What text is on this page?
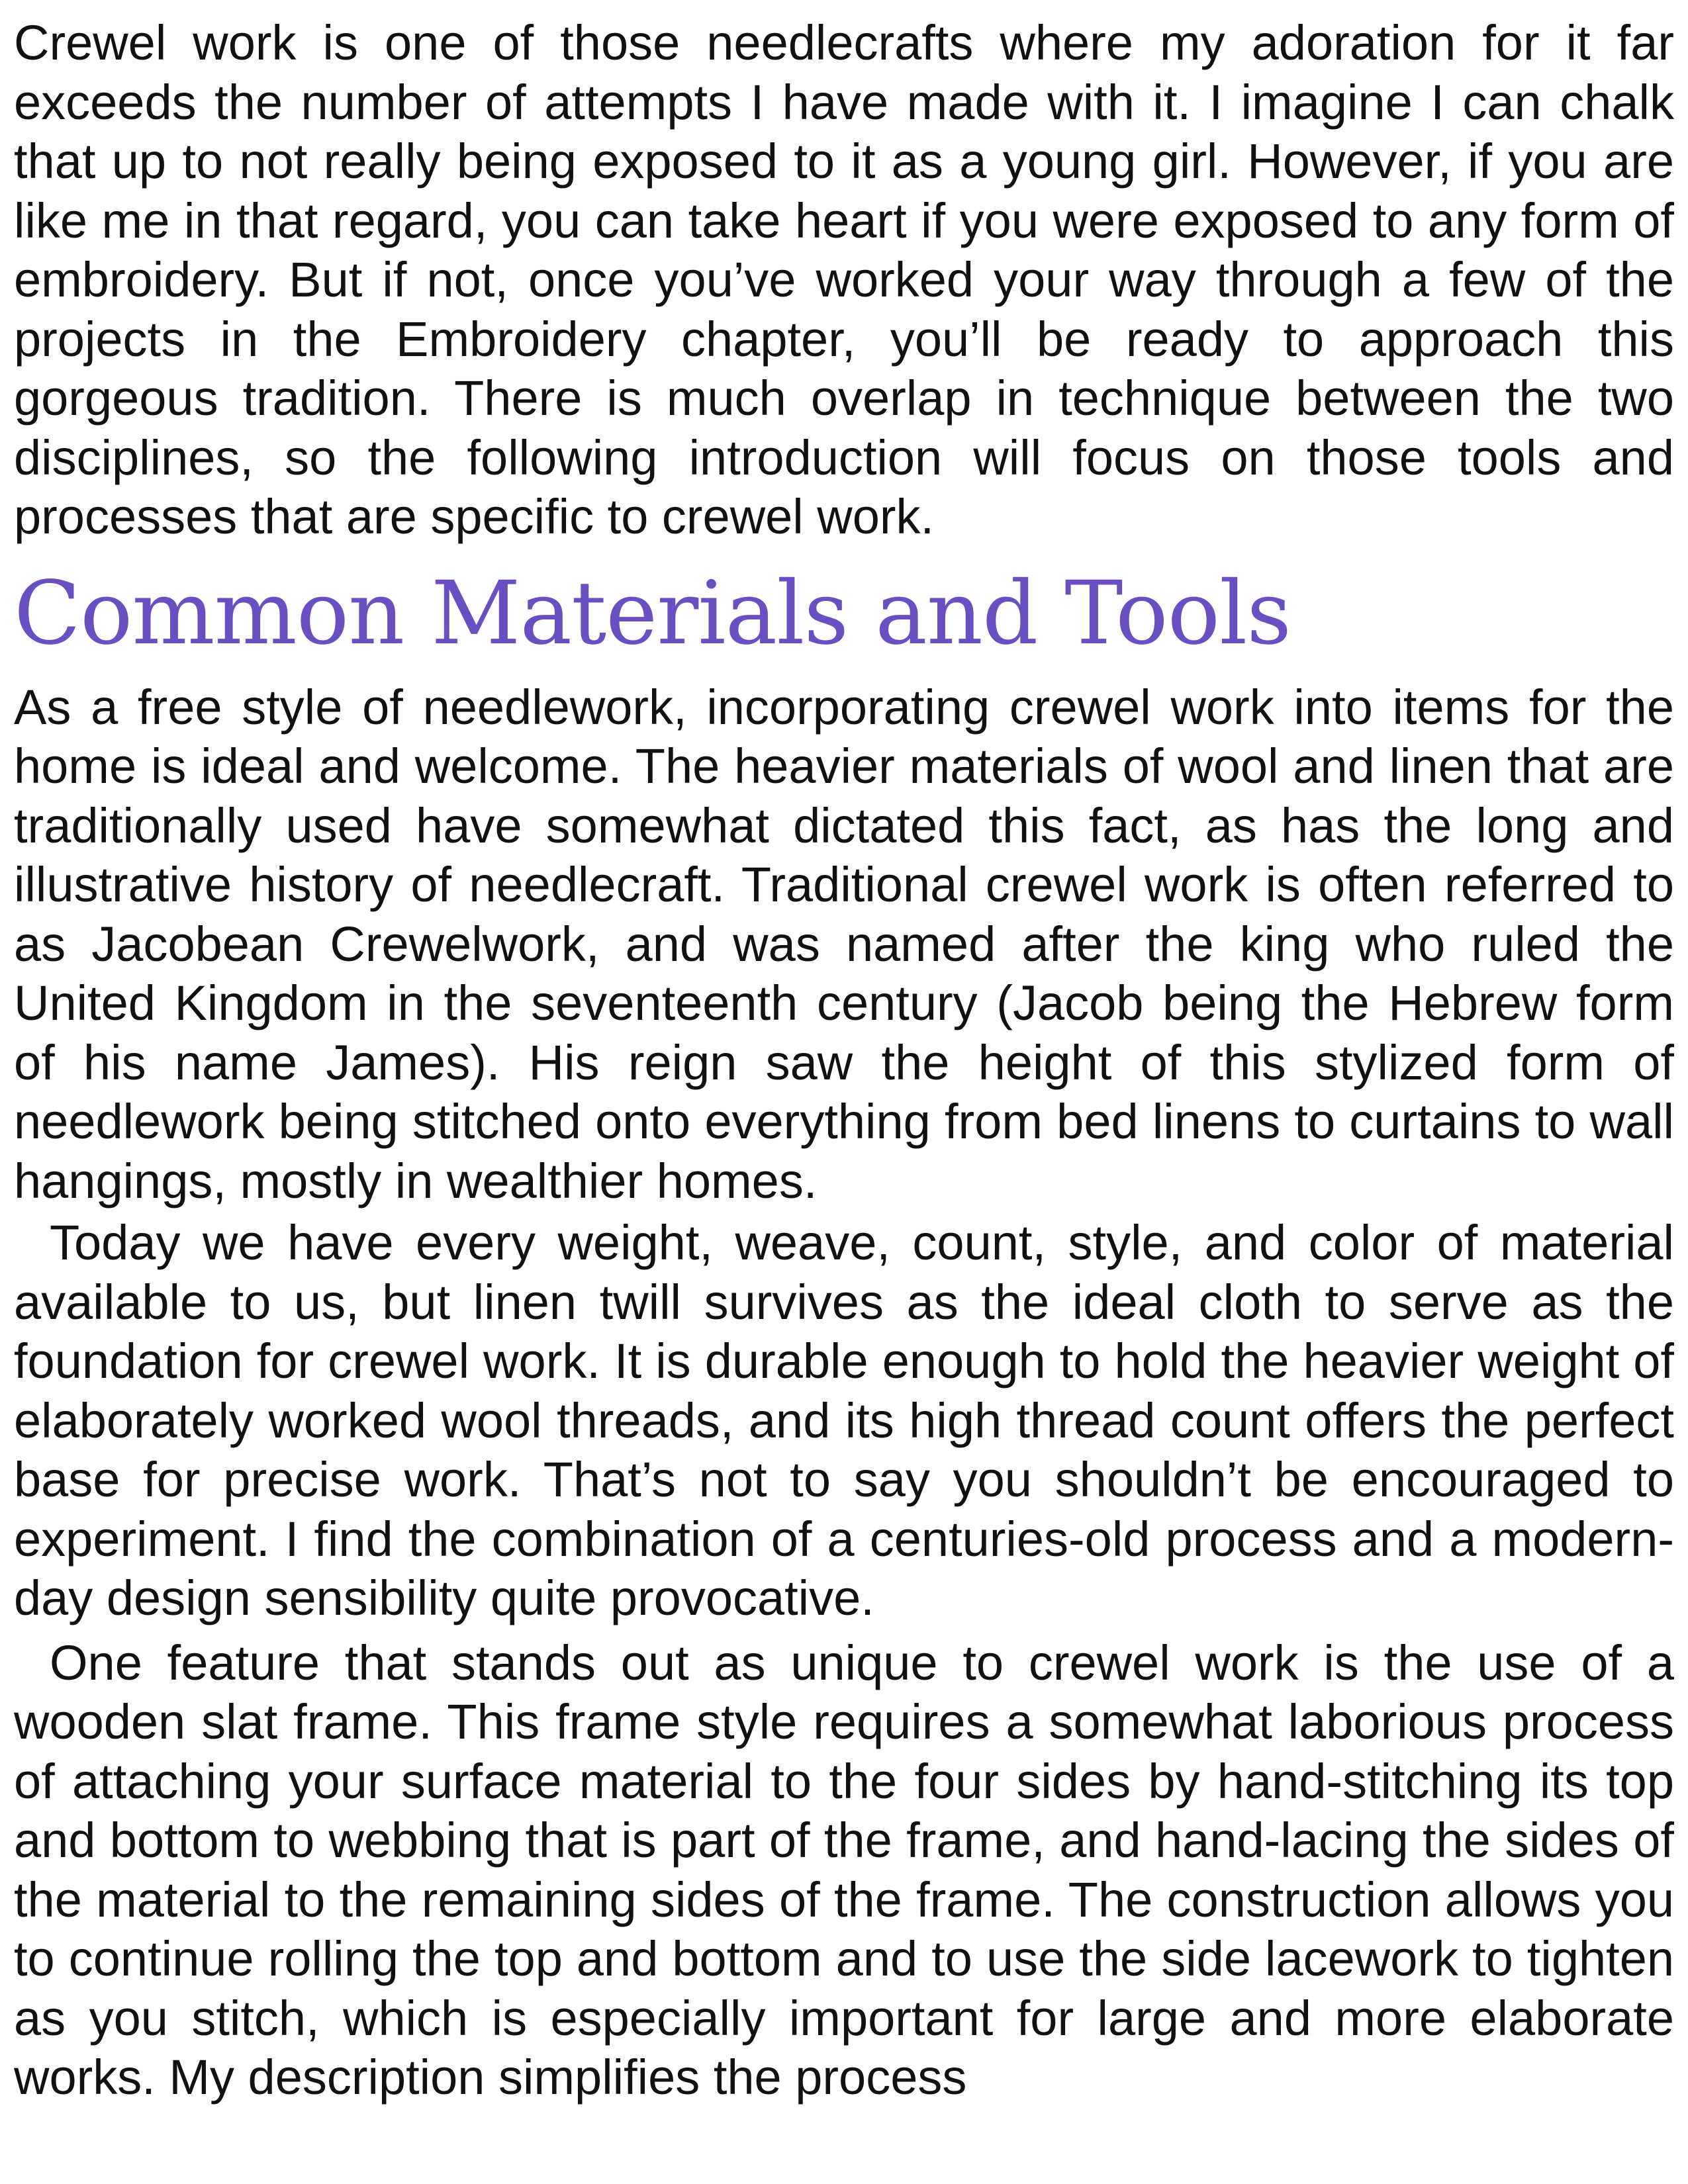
Crewel work is one of those needlecrafts where my adoration for it far exceeds the number of attempts I have made with it. I imagine I can chalk that up to not really being exposed to it as a young girl. However, if you are like me in that regard, you can take heart if you were exposed to any form of embroidery. But if not, once you’ve worked your way through a few of the projects in the Embroidery chapter, you’ll be ready to approach this gorgeous tradition. There is much overlap in technique between the two disciplines, so the following introduction will focus on those tools and processes that are specific to crewel work.

Common Materials and Tools

As a free style of needlework, incorporating crewel work into items for the home is ideal and welcome. The heavier materials of wool and linen that are traditionally used have somewhat dictated this fact, as has the long and illustrative history of needlecraft. Traditional crewel work is often referred to as Jacobean Crewelwork, and was named after the king who ruled the United Kingdom in the seventeenth century (Jacob being the Hebrew form of his name James). His reign saw the height of this stylized form of needlework being stitched onto everything from bed linens to curtains to wall hangings, mostly in wealthier homes.

Today we have every weight, weave, count, style, and color of material available to us, but linen twill survives as the ideal cloth to serve as the foundation for crewel work. It is durable enough to hold the heavier weight of elaborately worked wool threads, and its high thread count offers the perfect base for precise work. That’s not to say you shouldn’t be encouraged to experiment. I find the combination of a centuries-old process and a modern-day design sensibility quite provocative.

One feature that stands out as unique to crewel work is the use of a wooden slat frame. This frame style requires a somewhat laborious process of attaching your surface material to the four sides by hand-stitching its top and bottom to webbing that is part of the frame, and hand-lacing the sides of the material to the remaining sides of the frame. The construction allows you to continue rolling the top and bottom and to use the side lacework to tighten as you stitch, which is especially important for large and more elaborate works. My description simplifies the process
